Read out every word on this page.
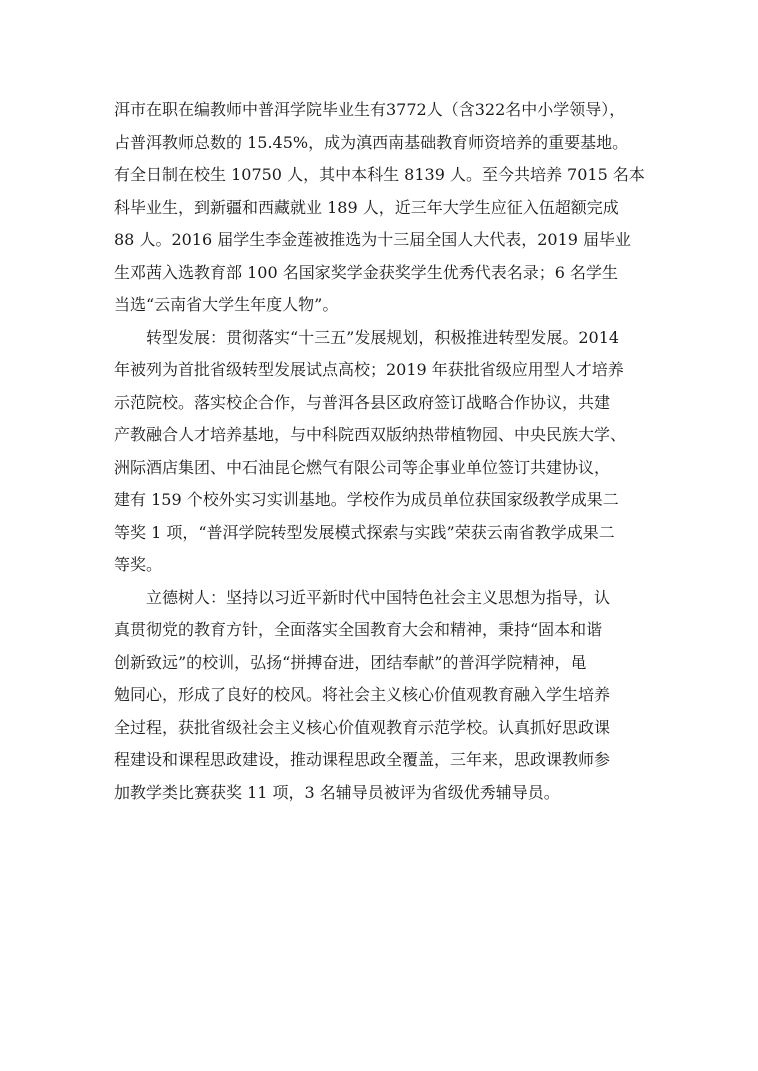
洱市在职在编教师中普洱学院毕业生有3772人（含322名中小学领导），
占普洱教师总数的 15.45%，成为滇西南基础教育师资培养的重要基地。
有全日制在校生 10750 人，其中本科生 8139 人。至今共培养 7015 名本
科毕业生，到新疆和西藏就业 189 人，近三年大学生应征入伍超额完成
88 人。2016 届学生李金莲被推选为十三届全国人大代表，2019 届毕业
生邓茜入选教育部 100 名国家奖学金获奖学生优秀代表名录；6 名学生
当选“云南省大学生年度人物”。
转型发展：贯彻落实“十三五”发展规划，积极推进转型发展。2014
年被列为首批省级转型发展试点高校；2019 年获批省级应用型人才培养
示范院校。落实校企合作，与普洱各县区政府签订战略合作协议，共建
产教融合人才培养基地，与中科院西双版纳热带植物园、中央民族大学、
洲际酒店集团、中石油昆仑燃气有限公司等企事业单位签订共建协议，
建有 159 个校外实习实训基地。学校作为成员单位获国家级教学成果二
等奖 1 项，“普洱学院转型发展模式探索与实践”荣获云南省教学成果二
等奖。
立德树人：坚持以习近平新时代中国特色社会主义思想为指导，认
真贯彻党的教育方针，全面落实全国教育大会和精神，秉持“固本和谐
创新致远”的校训，弘扬“拼搏奋进，团结奉献”的普洱学院精神，黾
勉同心，形成了良好的校风。将社会主义核心价值观教育融入学生培养
全过程，获批省级社会主义核心价值观教育示范学校。认真抓好思政课
程建设和课程思政建设，推动课程思政全覆盖，三年来，思政课教师参
加教学类比赛获奖 11 项，3 名辅导员被评为省级优秀辅导员。
